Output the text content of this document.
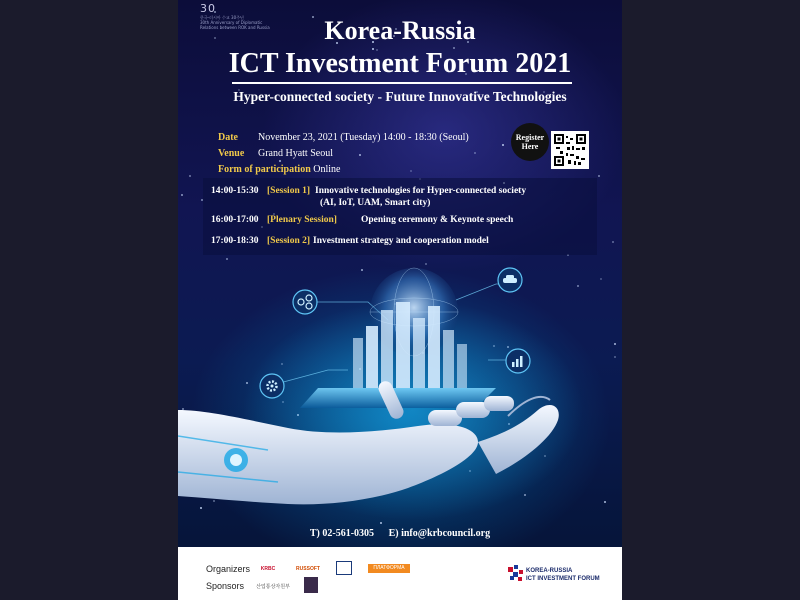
30
한국-러시아 수교 30주년
30th Anniversary of Diplomatic Relations between ROK and Russia	Korea-Russia
ICT Investment Forum 2021
Hyper-connected society - Future Innovative Technologies
Date November 23, 2021 (Tuesday) 14:00 - 18:30 (Seoul)
Venue Grand Hyatt Seoul
Form of participation Online
Register Here
14:00-15:30 [Session 1] Innovative technologies for Hyper-connected society
(AI, IoT, UAM, Smart city)
16:00-17:00 [Plenary Session]	Opening ceremony & Keynote speech
17:00-18:30 [Session 2] Investment strategy and cooperation model
T) 02-561-0305 E) info@krbcouncil.org
Organizers
Sponsors
KRBC	RUSSOFT	ПЛАТФОРМА НТИ
산업통상자원부
KOREA-RUSSIA
ICT INVESTMENT FORUM
